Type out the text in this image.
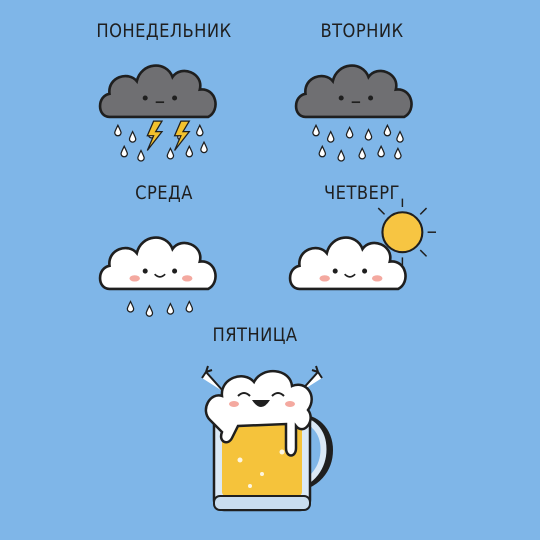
ПОНЕДЕЛЬНИК	ВТОРНИК
СРЕДА	ЧЕТВЕРГ
ПЯТНИЦА
